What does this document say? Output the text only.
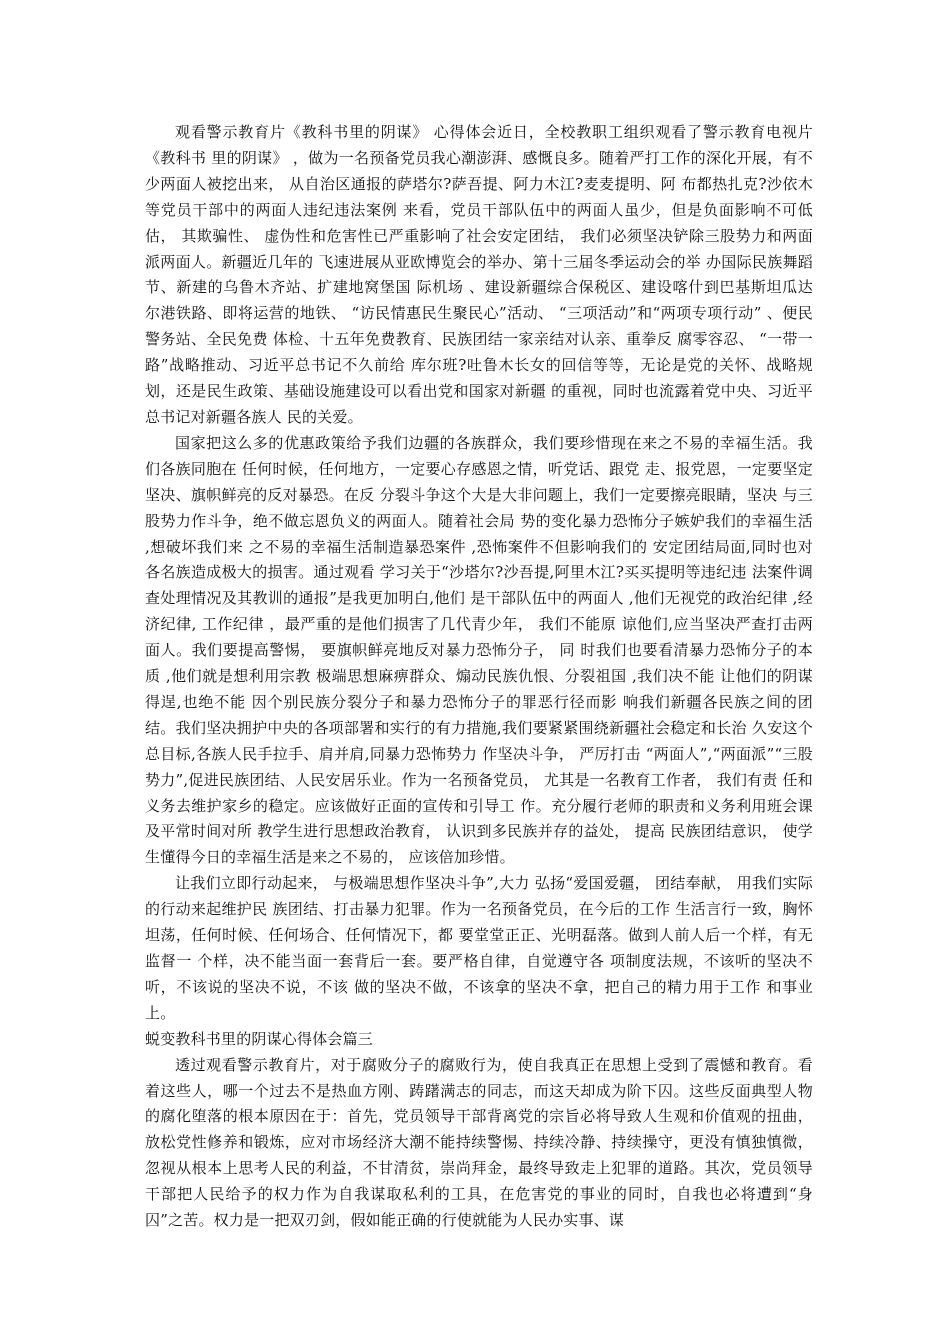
观看警示教育片《教科书里的阴谋》 心得体会近日，全校教职工组织观看了警示教育电视片《教科书 里的阴谋》 ，做为一名预备党员我心潮澎湃、感慨良多。随着严打工作的深化开展，有不少两面人被挖出来， 从自治区通报的萨塔尔?萨吾提、阿力木江?麦麦提明、阿 布都热扎克?沙依木等党员干部中的两面人违纪违法案例 来看，党员干部队伍中的两面人虽少，但是负面影响不可低 估， 其欺骗性、 虚伪性和危害性已严重影响了社会安定团结， 我们必须坚决铲除三股势力和两面派两面人。新疆近几年的 飞速进展从亚欧博览会的举办、第十三届冬季运动会的举 办国际民族舞蹈节、新建的乌鲁木齐站、扩建地窝堡国 际机场 、建设新疆综合保税区、建设喀什到巴基斯坦瓜达 尔港铁路、即将运营的地铁、 “访民情惠民生聚民心”活动、 “三项活动”和“两项专项行动” 、便民警务站、全民免费 体检、十五年免费教育、民族团结一家亲结对认亲、重拳反 腐零容忍、 “一带一路”战略推动、习近平总书记不久前给 库尔班?吐鲁木长女的回信等等，无论是党的关怀、战略规 划，还是民生政策、基础设施建设可以看出党和国家对新疆 的重视，同时也流露着党中央、习近平总书记对新疆各族人 民的关爱。

国家把这么多的优惠政策给予我们边疆的各族群众，我们要珍惜现在来之不易的幸福生活。我们各族同胞在 任何时候，任何地方，一定要心存感恩之情，听党话、跟党 走、报党恩，一定要坚定坚决、旗帜鲜亮的反对暴恐。在反 分裂斗争这个大是大非问题上，我们一定要擦亮眼睛，坚决 与三股势力作斗争，绝不做忘恩负义的两面人。随着社会局 势的变化暴力恐怖分子嫉妒我们的幸福生活 ,想破坏我们来 之不易的幸福生活制造暴恐案件 ,恐怖案件不但影响我们的 安定团结局面,同时也对各名族造成极大的损害。通过观看 学习关于“沙塔尔?沙吾提,阿里木江?买买提明等违纪违 法案件调查处理情况及其教训的通报”是我更加明白,他们 是干部队伍中的两面人 ,他们无视党的政治纪律 ,经济纪律, 工作纪律 ，最严重的是他们损害了几代青少年， 我们不能原 谅他们,应当坚决严查打击两面人。我们要提高警惕， 要旗帜鲜亮地反对暴力恐怖分子， 同 时我们也要看清暴力恐怖分子的本质 ,他们就是想利用宗教 极端思想麻痹群众、煽动民族仇恨、分裂祖国 ,我们决不能 让他们的阴谋得逞,也绝不能 因个别民族分裂分子和暴力恐怖分子的罪恶行径而影 响我们新疆各民族之间的团结。我们坚决拥护中央的各项部署和实行的有力措施,我们要紧紧围绕新疆社会稳定和长治 久安这个总目标,各族人民手拉手、肩并肩,同暴力恐怖势力 作坚决斗争， 严厉打击 “两面人”,“两面派”“三股势力”,促进民族团结、人民安居乐业。作为一名预备党员， 尤其是一名教育工作者， 我们有责 任和义务去维护家乡的稳定。应该做好正面的宣传和引导工 作。充分履行老师的职责和义务利用班会课及平常时间对所 教学生进行思想政治教育， 认识到多民族并存的益处， 提高 民族团结意识， 使学生懂得今日的幸福生活是来之不易的， 应该倍加珍惜。

让我们立即行动起来， 与极端思想作坚决斗争”,大力 弘扬“爱国爱疆， 团结奉献， 用我们实际的行动来起维护民 族团结、打击暴力犯罪。作为一名预备党员，在今后的工作 生活言行一致，胸怀坦荡，任何时候、任何场合、任何情况下，都 要堂堂正正、光明磊落。做到人前人后一个样，有无监督一 个样，决不能当面一套背后一套。要严格自律，自觉遵守各 项制度法规，不该听的坚决不听，不该说的坚决不说，不该 做的坚决不做，不该拿的坚决不拿，把自己的精力用于工作 和事业上。

蜕变教科书里的阴谋心得体会篇三

透过观看警示教育片，对于腐败分子的腐败行为，使自我真正在思想上受到了震憾和教育。看着这些人，哪一个过去不是热血方刚、踌躇满志的同志，而这天却成为阶下囚。这些反面典型人物的腐化堕落的根本原因在于：首先，党员领导干部背离党的宗旨必将导致人生观和价值观的扭曲，放松党性修养和锻炼，应对市场经济大潮不能持续警惕、持续冷静、持续操守，更没有慎独慎微，忽视从根本上思考人民的利益，不甘清贫，崇尚拜金，最终导致走上犯罪的道路。其次，党员领导干部把人民给予的权力作为自我谋取私利的工具，在危害党的事业的同时，自我也必将遭到“身囚”之苦。权力是一把双刃剑，假如能正确的行使就能为人民办实事、谋
